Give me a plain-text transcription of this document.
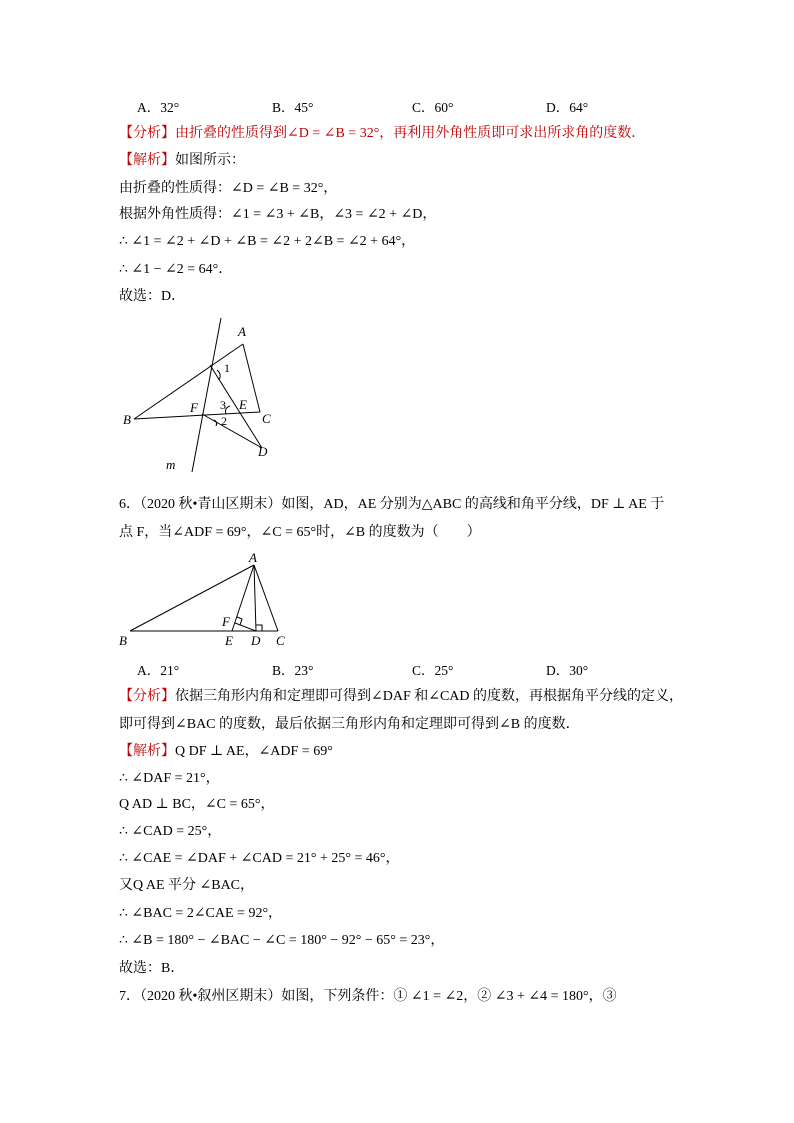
A．32°	B．45°	C．60°	D．64°
【分析】由折叠的性质得到∠D = ∠B = 32°，再利用外角性质即可求出所求角的度数．
【解析】如图所示：
由折叠的性质得：∠D = ∠B = 32°，
根据外角性质得：∠1 = ∠3 + ∠B，∠3 = ∠2 + ∠D，
∴ ∠1 = ∠2 + ∠D + ∠B = ∠2 + 2∠B = ∠2 + 64°，
∴ ∠1 − ∠2 = 64°．
故选：D．
A
B	C
D
E
F
m
1
2
3
6．（2020 秋•青山区期末）如图，AD，AE 分别为△ABC 的高线和角平分线，DF ⊥ AE 于
点 F，当∠ADF = 69°，∠C = 65°时，∠B 的度数为（　　）
A
B	C
D
E
F
A．21°	B．23°	C．25°	D．30°
【分析】依据三角形内角和定理即可得到∠DAF 和∠CAD 的度数，再根据角平分线的定义，
即可得到∠BAC 的度数，最后依据三角形内角和定理即可得到∠B 的度数．
【解析】Q DF ⊥ AE，∠ADF = 69°
∴ ∠DAF = 21°，
Q AD ⊥ BC，∠C = 65°，
∴ ∠CAD = 25°，
∴ ∠CAE = ∠DAF + ∠CAD = 21° + 25° = 46°，
又Q AE 平分 ∠BAC，
∴ ∠BAC = 2∠CAE = 92°，
∴ ∠B = 180° − ∠BAC − ∠C = 180° − 92° − 65° = 23°，
故选：B．
7．（2020 秋•叙州区期末）如图，下列条件：① ∠1 = ∠2，② ∠3 + ∠4 = 180°，③
